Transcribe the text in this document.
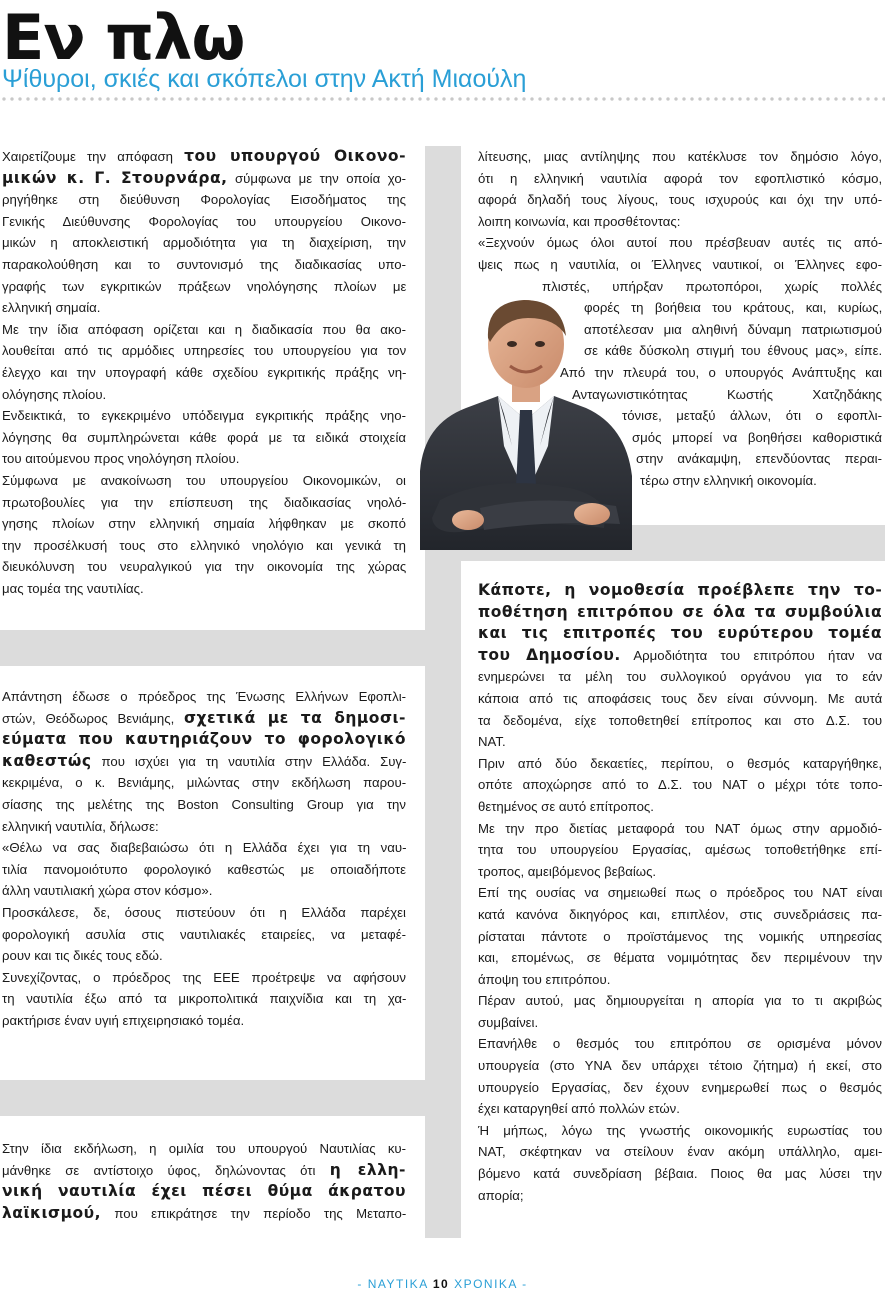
Εν πλω
Ψίθυροι, σκιές και σκόπελοι στην Ακτή Μιαούλη
Χαιρετίζουμε την απόφαση του υπουργού Οικονο-
μικών κ. Γ. Στουρνάρα, σύμφωνα με την οποία χο-
ρηγήθηκε στη διεύθυνση Φορολογίας Εισοδήματος της
Γενικής Διεύθυνσης Φορολογίας του υπουργείου Οικονο-
μικών η αποκλειστική αρμοδιότητα για τη διαχείριση, την
παρακολούθηση και το συντονισμό της διαδικασίας υπο-
γραφής των εγκριτικών πράξεων νηολόγησης πλοίων με
ελληνική σημαία.
Με την ίδια απόφαση ορίζεται και η διαδικασία που θα ακο-
λουθείται από τις αρμόδιες υπηρεσίες του υπουργείου για τον
έλεγχο και την υπογραφή κάθε σχεδίου εγκριτικής πράξης νη-
ολόγησης πλοίου.
Ενδεικτικά, το εγκεκριμένο υπόδειγμα εγκριτικής πράξης νηο-
λόγησης θα συμπληρώνεται κάθε φορά με τα ειδικά στοιχεία
του αιτούμενου προς νηολόγηση πλοίου.
Σύμφωνα με ανακοίνωση του υπουργείου Οικονομικών, οι
πρωτοβουλίες για την επίσπευση της διαδικασίας νηολό-
γησης πλοίων στην ελληνική σημαία λήφθηκαν με σκοπό
την προσέλκυσή τους στο ελληνικό νηολόγιο και γενικά τη
διευκόλυνση του νευραλγικού για την οικονομία της χώρας
μας τομέα της ναυτιλίας.
Απάντηση έδωσε ο πρόεδρος της Ένωσης Ελλήνων Εφοπλι-
στών, Θεόδωρος Βενιάμης, σχετικά με τα δημοσι-
εύματα που καυτηριάζουν το φορολογικό
καθεστώς που ισχύει για τη ναυτιλία στην Ελλάδα. Συγ-
κεκριμένα, ο κ. Βενιάμης, μιλώντας στην εκδήλωση παρου-
σίασης της μελέτης της Boston Consulting Group για την
ελληνική ναυτιλία, δήλωσε:
«Θέλω να σας διαβεβαιώσω ότι η Ελλάδα έχει για τη ναυ-
τιλία πανομοιότυπο φορολογικό καθεστώς με οποιαδήποτε
άλλη ναυτιλιακή χώρα στον κόσμο».
Προσκάλεσε, δε, όσους πιστεύουν ότι η Ελλάδα παρέχει
φορολογική ασυλία στις ναυτιλιακές εταιρείες, να μεταφέ-
ρουν και τις δικές τους εδώ.
Συνεχίζοντας, ο πρόεδρος της ΕΕΕ προέτρεψε να αφήσουν
τη ναυτιλία έξω από τα μικροπολιτικά παιχνίδια και τη χα-
ρακτήρισε έναν υγιή επιχειρησιακό τομέα.
Στην ίδια εκδήλωση, η ομιλία του υπουργού Ναυτιλίας κυ-
μάνθηκε σε αντίστοιχο ύφος, δηλώνοντας ότι η ελλη-
νική ναυτιλία έχει πέσει θύμα άκρατου
λαϊκισμού, που επικράτησε την περίοδο της Μεταπο-
λίτευσης, μιας αντίληψης που κατέκλυσε τον δημόσιο λόγο,
ότι η ελληνική ναυτιλία αφορά τον εφοπλιστικό κόσμο,
αφορά δηλαδή τους λίγους, τους ισχυρούς και όχι την υπό-
λοιπη κοινωνία, και προσθέτοντας:
«Ξεχνούν όμως όλοι αυτοί που πρέσβευαν αυτές τις από-
ψεις πως η ναυτιλία, οι Έλληνες ναυτικοί, οι Έλληνες εφο-
πλιστές, υπήρξαν πρωτοπόροι, χωρίς πολλές
φορές τη βοήθεια του κράτους, και, κυρίως,
αποτέλεσαν μια αληθινή δύναμη πατριωτισμού
σε κάθε δύσκολη στιγμή του έθνους μας», είπε.
Από την πλευρά του, ο υπουργός Ανάπτυξης και
Ανταγωνιστικότητας Κωστής Χατζηδάκης
τόνισε, μεταξύ άλλων, ότι ο εφοπλι-
σμός μπορεί να βοηθήσει καθοριστικά
στην ανάκαμψη, επενδύοντας περαι-
τέρω στην ελληνική οικονομία.
Κάποτε, η νομοθεσία προέβλεπε την το-
ποθέτηση επιτρόπου σε όλα τα συμβούλια
και τις επιτροπές του ευρύτερου τομέα
του Δημοσίου. Αρμοδιότητα του επιτρόπου ήταν να
ενημερώνει τα μέλη του συλλογικού οργάνου για το εάν
κάποια από τις αποφάσεις τους δεν είναι σύννομη. Με αυτά
τα δεδομένα, είχε τοποθετηθεί επίτροπος και στο Δ.Σ. του
ΝΑΤ.
Πριν από δύο δεκαετίες, περίπου, ο θεσμός καταργήθηκε,
οπότε αποχώρησε από το Δ.Σ. του ΝΑΤ ο μέχρι τότε τοπο-
θετημένος σε αυτό επίτροπος.
Με την προ διετίας μεταφορά του ΝΑΤ όμως στην αρμοδιό-
τητα του υπουργείου Εργασίας, αμέσως τοποθετήθηκε επί-
τροπος, αμειβόμενος βεβαίως.
Επί της ουσίας να σημειωθεί πως ο πρόεδρος του ΝΑΤ είναι
κατά κανόνα δικηγόρος και, επιπλέον, στις συνεδριάσεις πα-
ρίσταται πάντοτε ο προϊστάμενος της νομικής υπηρεσίας
και, επομένως, σε θέματα νομιμότητας δεν περιμένουν την
άποψη του επιτρόπου.
Πέραν αυτού, μας δημιουργείται η απορία για το τι ακριβώς
συμβαίνει.
Επανήλθε ο θεσμός του επιτρόπου σε ορισμένα μόνον
υπουργεία (στο ΥΝΑ δεν υπάρχει τέτοιο ζήτημα) ή εκεί, στο
υπουργείο Εργασίας, δεν έχουν ενημερωθεί πως ο θεσμός
έχει καταργηθεί από πολλών ετών.
Ή μήπως, λόγω της γνωστής οικονομικής ευρωστίας του
ΝΑΤ, σκέφτηκαν να στείλουν έναν ακόμη υπάλληλο, αμει-
βόμενο κατά συνεδρίαση βέβαια. Ποιος θα μας λύσει την
απορία;
- ΝΑΥΤΙΚΑ 10 ΧΡΟΝΙΚΑ -
